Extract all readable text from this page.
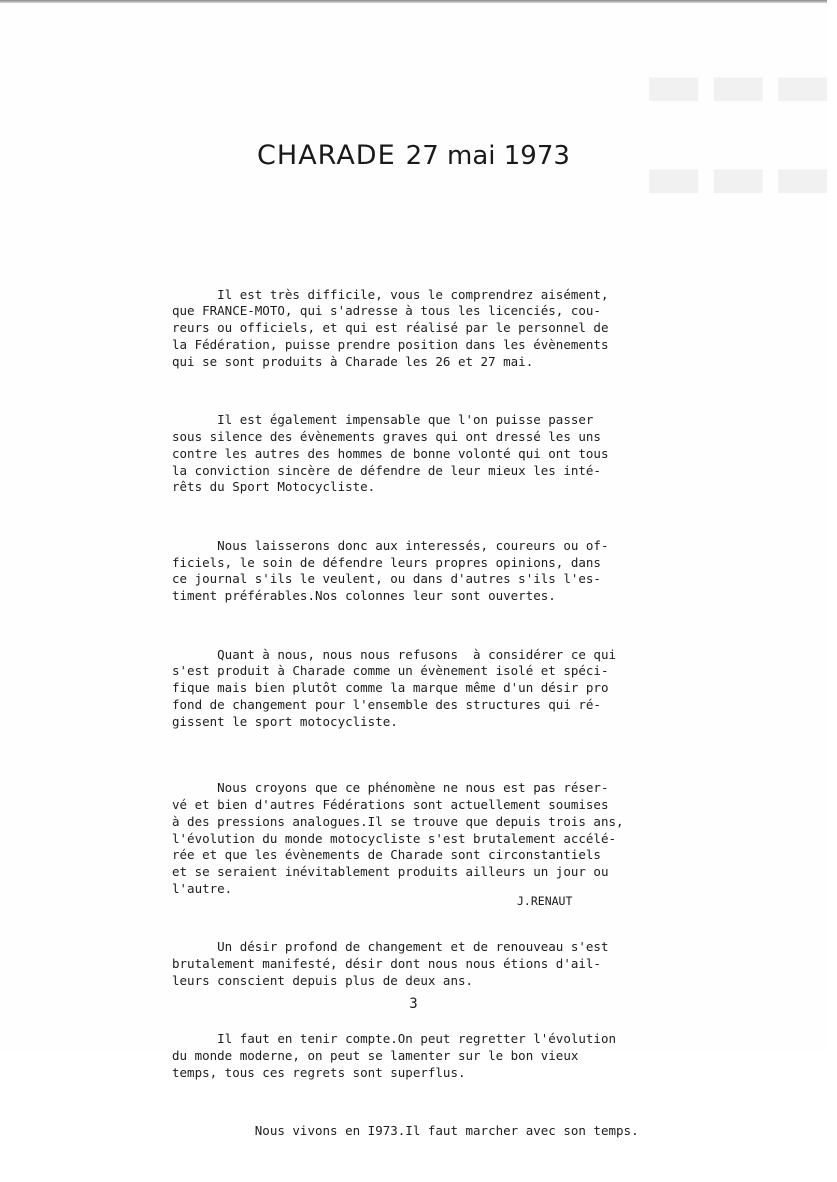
▬▬▬
▬▬▬
CHARADE 27 mai 1973

Il est très difficile, vous le comprendrez aisément,
que FRANCE-MOTO, qui s'adresse à tous les licenciés, cou-
reurs ou officiels, et qui est réalisé par le personnel de
la Fédération, puisse prendre position dans les évènements
qui se sont produits à Charade les 26 et 27 mai.

Il est également impensable que l'on puisse passer
sous silence des évènements graves qui ont dressé les uns
contre les autres des hommes de bonne volonté qui ont tous
la conviction sincère de défendre de leur mieux les inté-
rêts du Sport Motocycliste.

Nous laisserons donc aux interessés, coureurs ou of-
ficiels, le soin de défendre leurs propres opinions, dans
ce journal s'ils le veulent, ou dans d'autres s'ils l'es-
timent préférables.Nos colonnes leur sont ouvertes.

Quant à nous, nous nous refusons  à considérer ce qui
s'est produit à Charade comme un évènement isolé et spéci-
fique mais bien plutôt comme la marque même d'un désir pro
fond de changement pour l'ensemble des structures qui ré-
gissent le sport motocycliste.

Nous croyons que ce phénomène ne nous est pas réser-
vé et bien d'autres Fédérations sont actuellement soumises
à des pressions analogues.Il se trouve que depuis trois ans,
l'évolution du monde motocycliste s'est brutalement accélé-
rée et que les évènements de Charade sont circonstantiels
et se seraient inévitablement produits ailleurs un jour ou
l'autre.

Un désir profond de changement et de renouveau s'est
brutalement manifesté, désir dont nous nous étions d'ail-
leurs conscient depuis plus de deux ans.

Il faut en tenir compte.On peut regretter l'évolution
du monde moderne, on peut se lamenter sur le bon vieux
temps, tous ces regrets sont superflus.

Nous vivons en I973.Il faut marcher avec son temps.

J.RENAUT
3
